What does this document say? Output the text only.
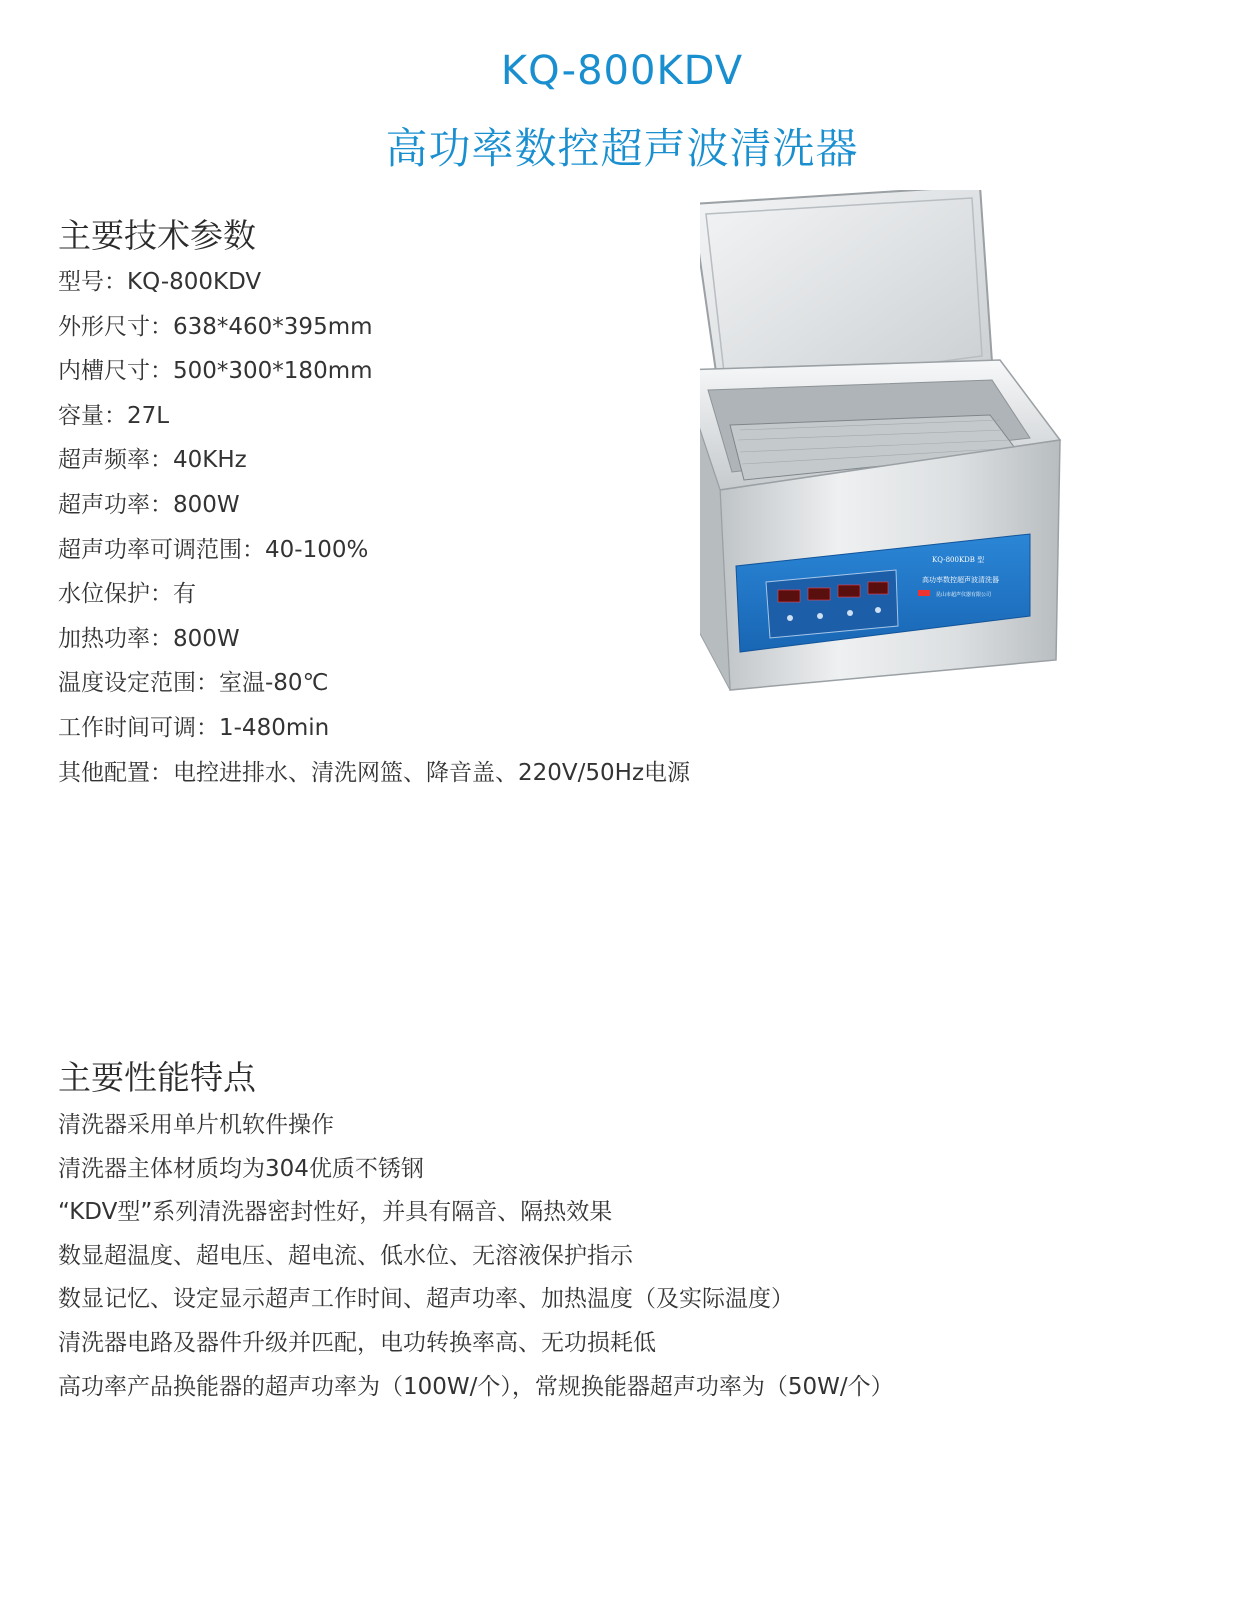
KQ-800KDV
高功率数控超声波清洗器
主要技术参数
型号：KQ-800KDV
外形尺寸：638*460*395mm
内槽尺寸：500*300*180mm
容量：27L
超声频率：40KHz
超声功率：800W
超声功率可调范围：40-100%
水位保护：有
加热功率：800W
温度设定范围：室温-80℃
工作时间可调：1-480min
其他配置：电控进排水、清洗网篮、降音盖、220V/50Hz电源
主要性能特点
清洗器采用单片机软件操作
清洗器主体材质均为304优质不锈钢
“KDV型”系列清洗器密封性好，并具有隔音、隔热效果
数显超温度、超电压、超电流、低水位、无溶液保护指示
数显记忆、设定显示超声工作时间、超声功率、加热温度（及实际温度）
清洗器电路及器件升级并匹配，电功转换率高、无功损耗低
高功率产品换能器的超声功率为（100W/个），常规换能器超声功率为（50W/个）
KQ-800KDB 型
高功率数控超声波清洗器
昆山市超声仪器有限公司
